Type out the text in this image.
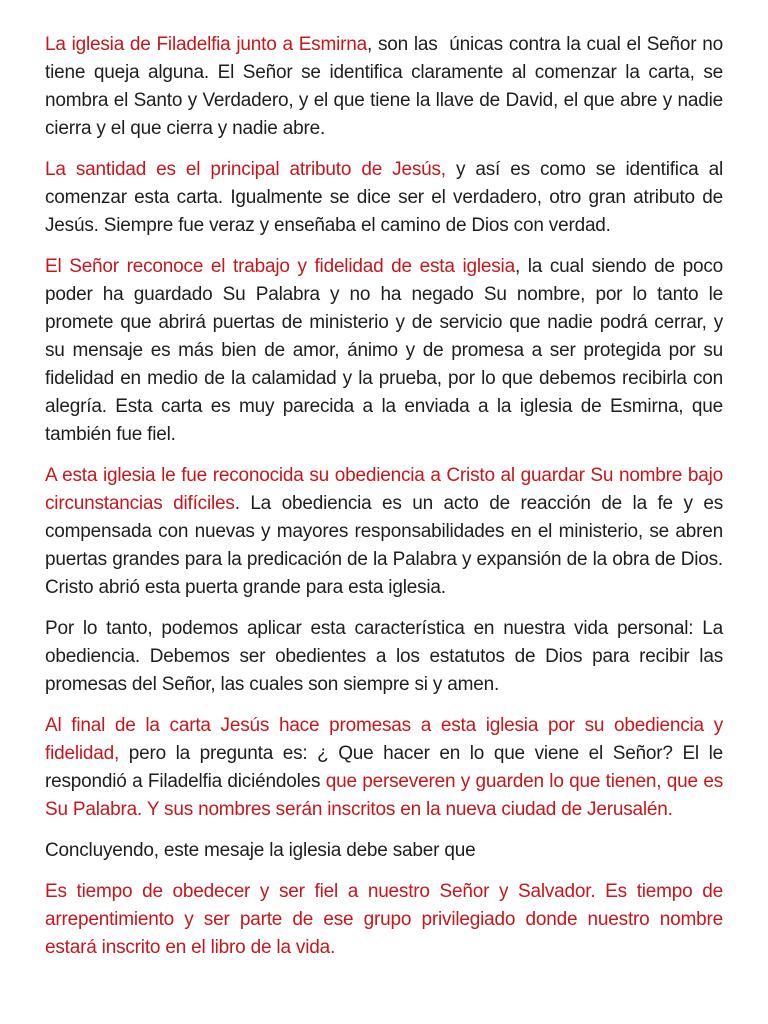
La iglesia de Filadelfia junto a Esmirna, son las  únicas contra la cual el Señor no tiene queja alguna. El Señor se identifica claramente al comenzar la carta, se nombra el Santo y Verdadero, y el que tiene la llave de David, el que abre y nadie cierra y el que cierra y nadie abre.

La santidad es el principal atributo de Jesús, y así es como se identifica al comenzar esta carta. Igualmente se dice ser el verdadero, otro gran atributo de Jesús. Siempre fue veraz y enseñaba el camino de Dios con verdad.

El Señor reconoce el trabajo y fidelidad de esta iglesia, la cual siendo de poco poder ha guardado Su Palabra y no ha negado Su nombre, por lo tanto le promete que abrirá puertas de ministerio y de servicio que nadie podrá cerrar, y su mensaje es más bien de amor, ánimo y de promesa a ser protegida por su fidelidad en medio de la calamidad y la prueba, por lo que debemos recibirla con alegría. Esta carta es muy parecida a la enviada a la iglesia de Esmirna, que también fue fiel.

A esta iglesia le fue reconocida su obediencia a Cristo al guardar Su nombre bajo circunstancias difíciles. La obediencia es un acto de reacción de la fe y es compensada con nuevas y mayores responsabilidades en el ministerio, se abren puertas grandes para la predicación de la Palabra y expansión de la obra de Dios. Cristo abrió esta puerta grande para esta iglesia.

Por lo tanto, podemos aplicar esta característica en nuestra vida personal: La obediencia. Debemos ser obedientes a los estatutos de Dios para recibir las promesas del Señor, las cuales son siempre si y amen.

Al final de la carta Jesús hace promesas a esta iglesia por su obediencia y fidelidad, pero la pregunta es: ¿ Que hacer en lo que viene el Señor? El le respondió a Filadelfia diciéndoles que perseveren y guarden lo que tienen, que es Su Palabra. Y sus nombres serán inscritos en la nueva ciudad de Jerusalén.

Concluyendo, este mesaje la iglesia debe saber que

Es tiempo de obedecer y ser fiel a nuestro Señor y Salvador. Es tiempo de arrepentimiento y ser parte de ese grupo privilegiado donde nuestro nombre estará inscrito en el libro de la vida.
